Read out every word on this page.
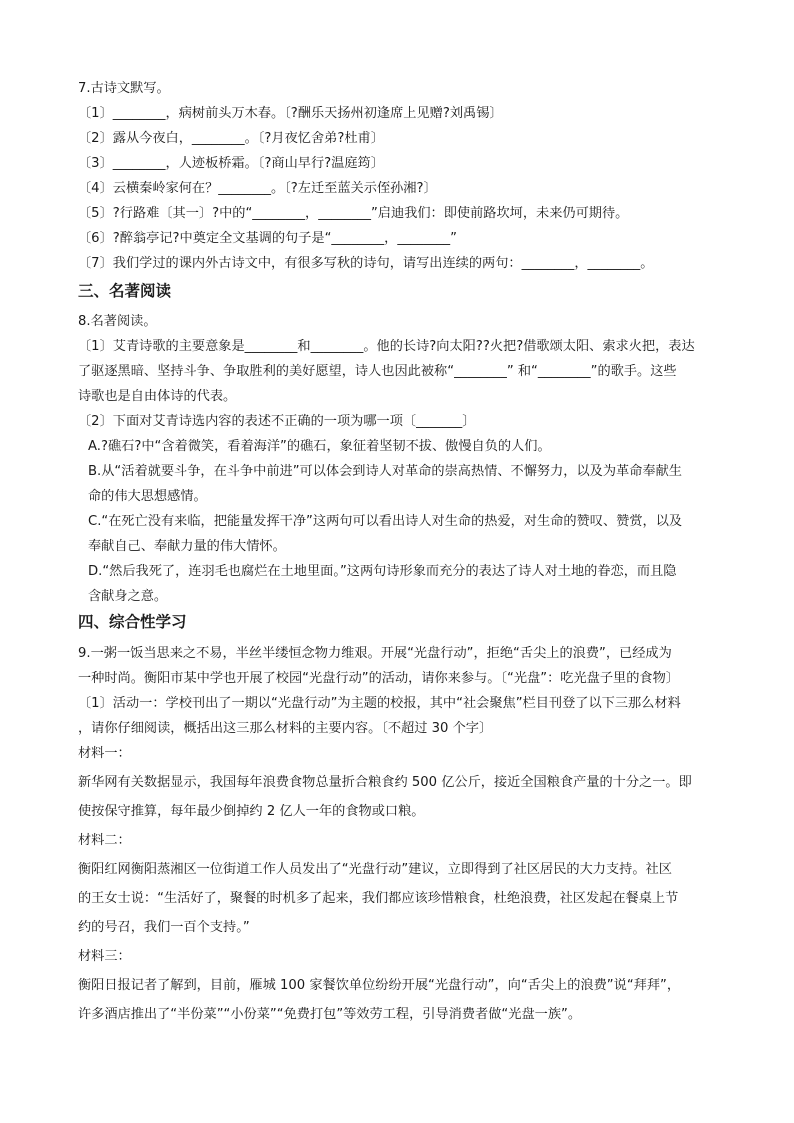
7.古诗文默写。
〔1〕________，病树前头万木春。〔?酬乐天扬州初逢席上见赠?刘禹锡〕
〔2〕露从今夜白，________。〔?月夜忆舍弟?杜甫〕
〔3〕________，人迹板桥霜。〔?商山早行?温庭筠〕
〔4〕云横秦岭家何在？________。〔?左迁至蓝关示侄孙湘?〕
〔5〕?行路难〔其一〕?中的“________，________”启迪我们：即使前路坎坷，未来仍可期待。
〔6〕?醉翁亭记?中奠定全文基调的句子是“________，________”
〔7〕我们学过的课内外古诗文中，有很多写秋的诗句，请写出连续的两句：________，________。
三、名著阅读
8.名著阅读。
〔1〕艾青诗歌的主要意象是________和________。他的长诗?向太阳??火把?借歌颂太阳、索求火把，表达
了驱逐黑暗、坚持斗争、争取胜利的美好愿望，诗人也因此被称“________” 和“________”的歌手。这些
诗歌也是自由体诗的代表。
〔2〕下面对艾青诗选内容的表述不正确的一项为哪一项〔_______〕
A.?礁石?中“含着微笑，看着海洋”的礁石，象征着坚韧不拔、傲慢自负的人们。
B.从“活着就要斗争，在斗争中前进”可以体会到诗人对革命的崇高热情、不懈努力，以及为革命奉献生
命的伟大思想感情。
C.“在死亡没有来临，把能量发挥干净”这两句可以看出诗人对生命的热爱，对生命的赞叹、赞赏，以及
奉献自己、奉献力量的伟大情怀。
D.“然后我死了，连羽毛也腐烂在土地里面。”这两句诗形象而充分的表达了诗人对土地的眷恋，而且隐
含献身之意。
四、综合性学习
9.一粥一饭当思来之不易，半丝半缕恒念物力维艰。开展“光盘行动”，拒绝“舌尖上的浪费”，已经成为
一种时尚。衡阳市某中学也开展了校园“光盘行动”的活动，请你来参与。〔“光盘”：吃光盘子里的食物〕
〔1〕活动一：学校刊出了一期以“光盘行动”为主题的校报，其中“社会聚焦”栏目刊登了以下三那么材料
，请你仔细阅读，概括出这三那么材料的主要内容。〔不超过 30 个字〕
材料一：
新华网有关数据显示，我国每年浪费食物总量折合粮食约 500 亿公斤，接近全国粮食产量的十分之一。即
使按保守推算，每年最少倒掉约 2 亿人一年的食物或口粮。
材料二：
衡阳红网衡阳蒸湘区一位街道工作人员发出了“光盘行动”建议，立即得到了社区居民的大力支持。社区
的王女士说：“生活好了，聚餐的时机多了起来，我们都应该珍惜粮食，杜绝浪费，社区发起在餐桌上节
约的号召，我们一百个支持。”
材料三：
衡阳日报记者了解到，目前，雁城 100 家餐饮单位纷纷开展“光盘行动”，向“舌尖上的浪费”说“拜拜”，
许多酒店推出了“半份菜”“小份菜”“免费打包”等效劳工程，引导消费者做“光盘一族”。
